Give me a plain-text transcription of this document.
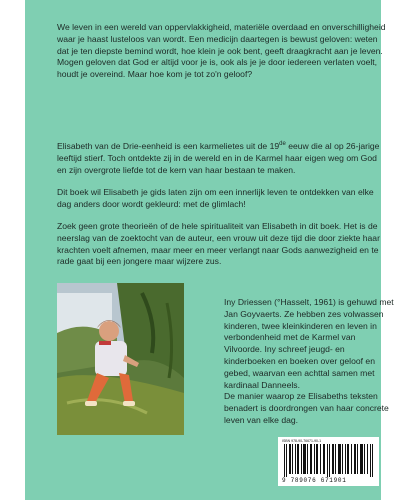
We leven in een wereld van oppervlakkigheid, materiële overdaad en onverschilligheid waar je haast lusteloos van wordt. Een medicijn daartegen is bewust geloven: weten dat je ten diepste bemind wordt, hoe klein je ook bent, geeft draagkracht aan je leven. Mogen geloven dat God er altijd voor je is, ook als je je door iedereen verlaten voelt, houdt je overeind. Maar hoe kom je tot zo'n geloof?

Elisabeth van de Drie-eenheid is een karmelietes uit de 19de eeuw die al op 26-jarige leeftijd stierf. Toch ontdekte zij in de wereld en in de Karmel haar eigen weg om God en zijn overgrote liefde tot de kern van haar bestaan te maken.

Dit boek wil Elisabeth je gids laten zijn om een innerlijk leven te ontdekken van elke dag anders door wordt gekleurd: met de glimlach!

Zoek geen grote theorieën of de hele spiritualiteit van Elisabeth in dit boek. Het is de neerslag van de zoektocht van de auteur, een vrouw uit deze tijd die door ziekte haar krachten voelt afnemen, maar meer en meer verlangt naar Gods aanwezigheid en te rade gaat bij een jongere maar wijzere zus.

Iny Driessen (°Hasselt, 1961) is gehuwd met Jan Goyvaerts. Ze hebben zes volwassen kinderen, twee kleinkinderen en leven in verbondenheid met de Karmel van Vilvoorde. Iny schreef jeugd- en kinderboeken en boeken over geloof en gebed, waarvan een achttal samen met kardinaal Danneels.

De manier waarop ze Elisabeths teksten benadert is doordrongen van haar concrete leven van elke dag.

ISBN 978-90-76671-90-1
9 789076 671901
